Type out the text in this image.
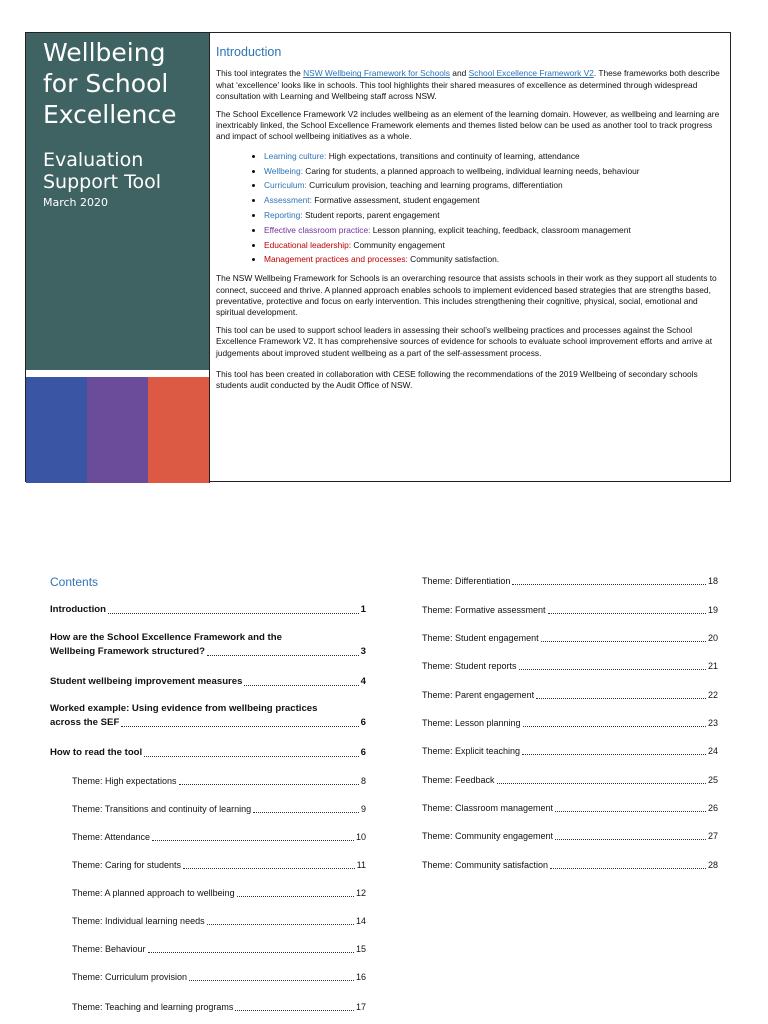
Wellbeing for School Excellence
Evaluation Support Tool
March 2020
Introduction

This tool integrates the NSW Wellbeing Framework for Schools and School Excellence Framework V2. These frameworks both describe what ‘excellence’ looks like in schools. This tool highlights their shared measures of excellence as determined through widespread consultation with Learning and Wellbeing staff across NSW.

The School Excellence Framework V2 includes wellbeing as an element of the learning domain. However, as wellbeing and learning are inextricably linked, the School Excellence Framework elements and themes listed below can be used as another tool to track progress and impact of school wellbeing initiatives as a whole.

• Learning culture: High expectations, transitions and continuity of learning, attendance
• Wellbeing: Caring for students, a planned approach to wellbeing, individual learning needs, behaviour
• Curriculum: Curriculum provision, teaching and learning programs, differentiation
• Assessment: Formative assessment, student engagement
• Reporting: Student reports, parent engagement
• Effective classroom practice: Lesson planning, explicit teaching, feedback, classroom management
• Educational leadership: Community engagement
• Management practices and processes: Community satisfaction.

The NSW Wellbeing Framework for Schools is an overarching resource that assists schools in their work as they support all students to connect, succeed and thrive. A planned approach enables schools to implement evidenced based strategies that are strengths based, preventative, protective and focus on early intervention. This includes strengthening their cognitive, physical, social, emotional and spiritual development.

This tool can be used to support school leaders in assessing their school’s wellbeing practices and processes against the School Excellence Framework V2. It has comprehensive sources of evidence for schools to evaluate school improvement efforts and arrive at judgements about improved student wellbeing as a part of the self-assessment process.

This tool has been created in collaboration with CESE following the recommendations of the 2019 Wellbeing of secondary schools students audit conducted by the Audit Office of NSW.

Contents
Introduction	1
How are the School Excellence Framework and the
Wellbeing Framework structured?	3
Student wellbeing improvement measures	4
Worked example: Using evidence from wellbeing practices
across the SEF	6
How to read the tool	6
Theme: High expectations	8
Theme: Transitions and continuity of learning	9
Theme: Attendance	10
Theme: Caring for students	11
Theme: A planned approach to wellbeing	12
Theme: Individual learning needs	14
Theme: Behaviour	15
Theme: Curriculum provision	16
Theme: Teaching and learning programs	17
Theme: Differentiation	18
Theme: Formative assessment	19
Theme: Student engagement	20
Theme: Student reports	21
Theme: Parent engagement	22
Theme: Lesson planning	23
Theme: Explicit teaching	24
Theme: Feedback	25
Theme: Classroom management	26
Theme: Community engagement	27
Theme: Community satisfaction	28
